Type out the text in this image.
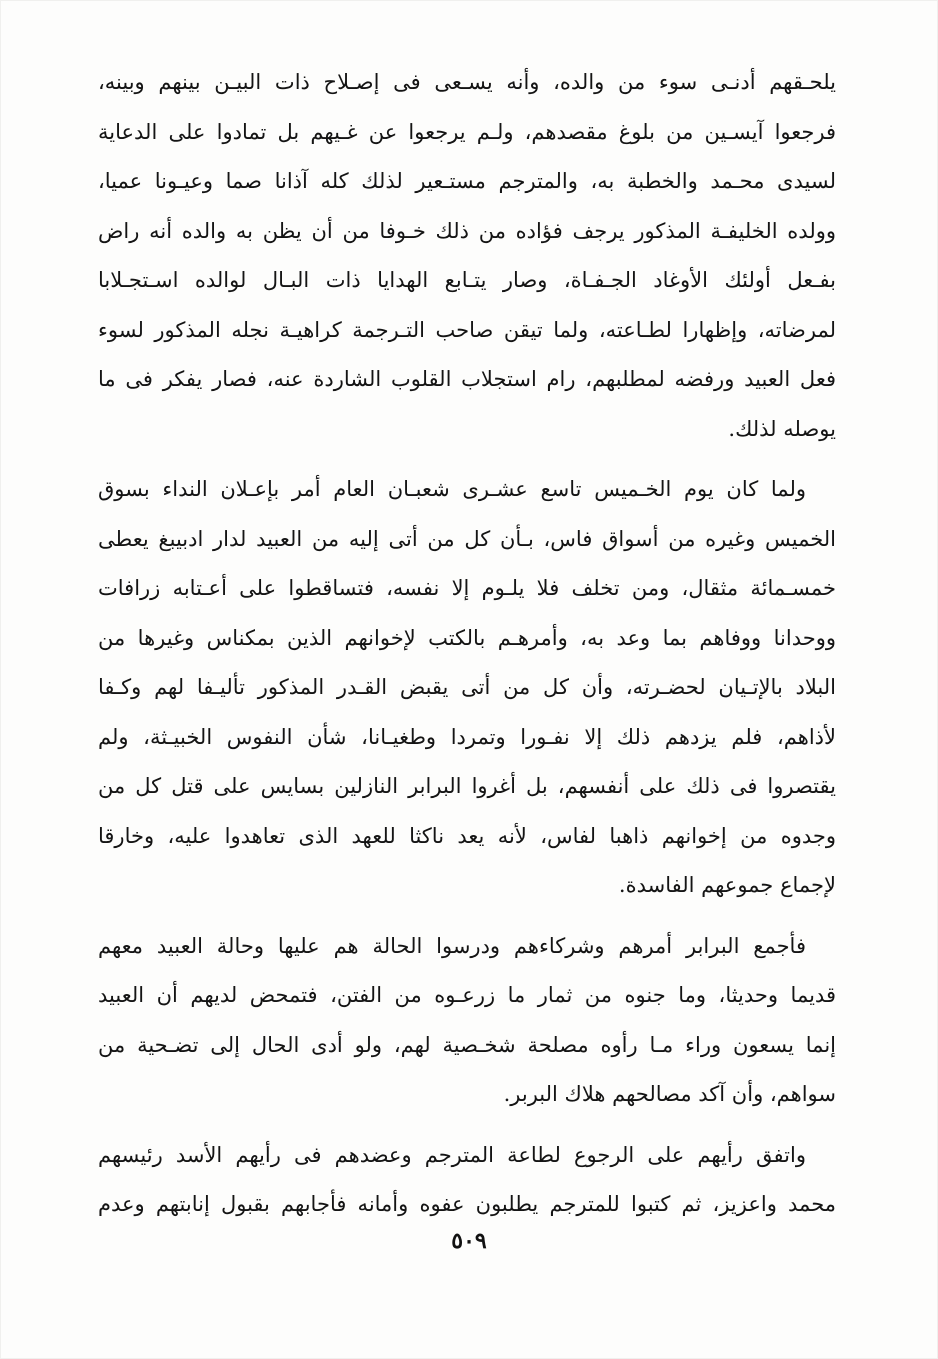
يلحـقهم أدنـى سوء من والده، وأنه يسـعى فى إصـلاح ذات البيـن بينهم وبينه،
فرجعوا آيسـين من بلوغ مقصدهم، ولـم يرجعوا عن غـيهم بل تمادوا على الدعاية
لسيدى محـمد والخطبة به، والمترجم مستـعير لذلك كله آذانا صما وعيـونا عميا،
وولده الخليفـة المذكور يرجف فؤاده من ذلك خـوفا من أن يظن به والده أنه راض
بفـعل أولئك الأوغاد الجـفـاة، وصار يتـابع الهدايا ذات البـال لوالده اسـتجـلابا
لمرضاته، وإظهارا لطـاعته، ولما تيقن صاحب التـرجمة كراهيـة نجله المذكور لسوء
فعل العبيد ورفضه لمطلبهم، رام استجلاب القلوب الشاردة عنه، فصار يفكر فى ما
يوصله لذلك.
ولما كان يوم الخـميس تاسع عشـرى شعبـان العام أمر بإعـلان النداء بسوق
الخميس وغيره من أسواق فاس، بـأن كل من أتى إليه من العبيد لدار ادبيبغ يعطى
خمسـمائة مثقال، ومن تخلف فلا يلـوم إلا نفسه، فتساقطوا على أعـتابه زرافات
ووحدانا ووفاهم بما وعد به، وأمرهـم بالكتب لإخوانهم الذين بمكناس وغيرها من
البلاد بالإتـيان لحضـرته، وأن كل من أتى يقبض القـدر المذكور تأليـفا لهم وكـفا
لأذاهم، فلم يزدهم ذلك إلا نفـورا وتمردا وطغيـانا، شأن النفوس الخبيـثة، ولم
يقتصروا فى ذلك على أنفسهم، بل أغروا البرابر النازلين بسايس على قتل كل من
وجدوه من إخوانهم ذاهبا لفاس، لأنه يعد ناكثا للعهد الذى تعاهدوا عليه، وخارقا
لإجماع جموعهم الفاسدة.
فأجمع البرابر أمرهم وشركاءهم ودرسوا الحالة هم عليها وحالة العبيد معهم
قديما وحديثا، وما جنوه من ثمار ما زرعـوه من الفتن، فتمحض لديهم أن العبيد
إنما يسعون وراء مـا رأوه مصلحة شخـصية لهم، ولو أدى الحال إلى تضـحية من
سواهم، وأن آكد مصالحهم هلاك البربر.
واتفق رأيهم على الرجوع لطاعة المترجم وعضدهم فى رأيهم الأسد رئيسهم
محمد واعزيز، ثم كتبوا للمترجم يطلبون عفوه وأمانه فأجابهم بقبول إنابتهم وعدم
٥٠٩
